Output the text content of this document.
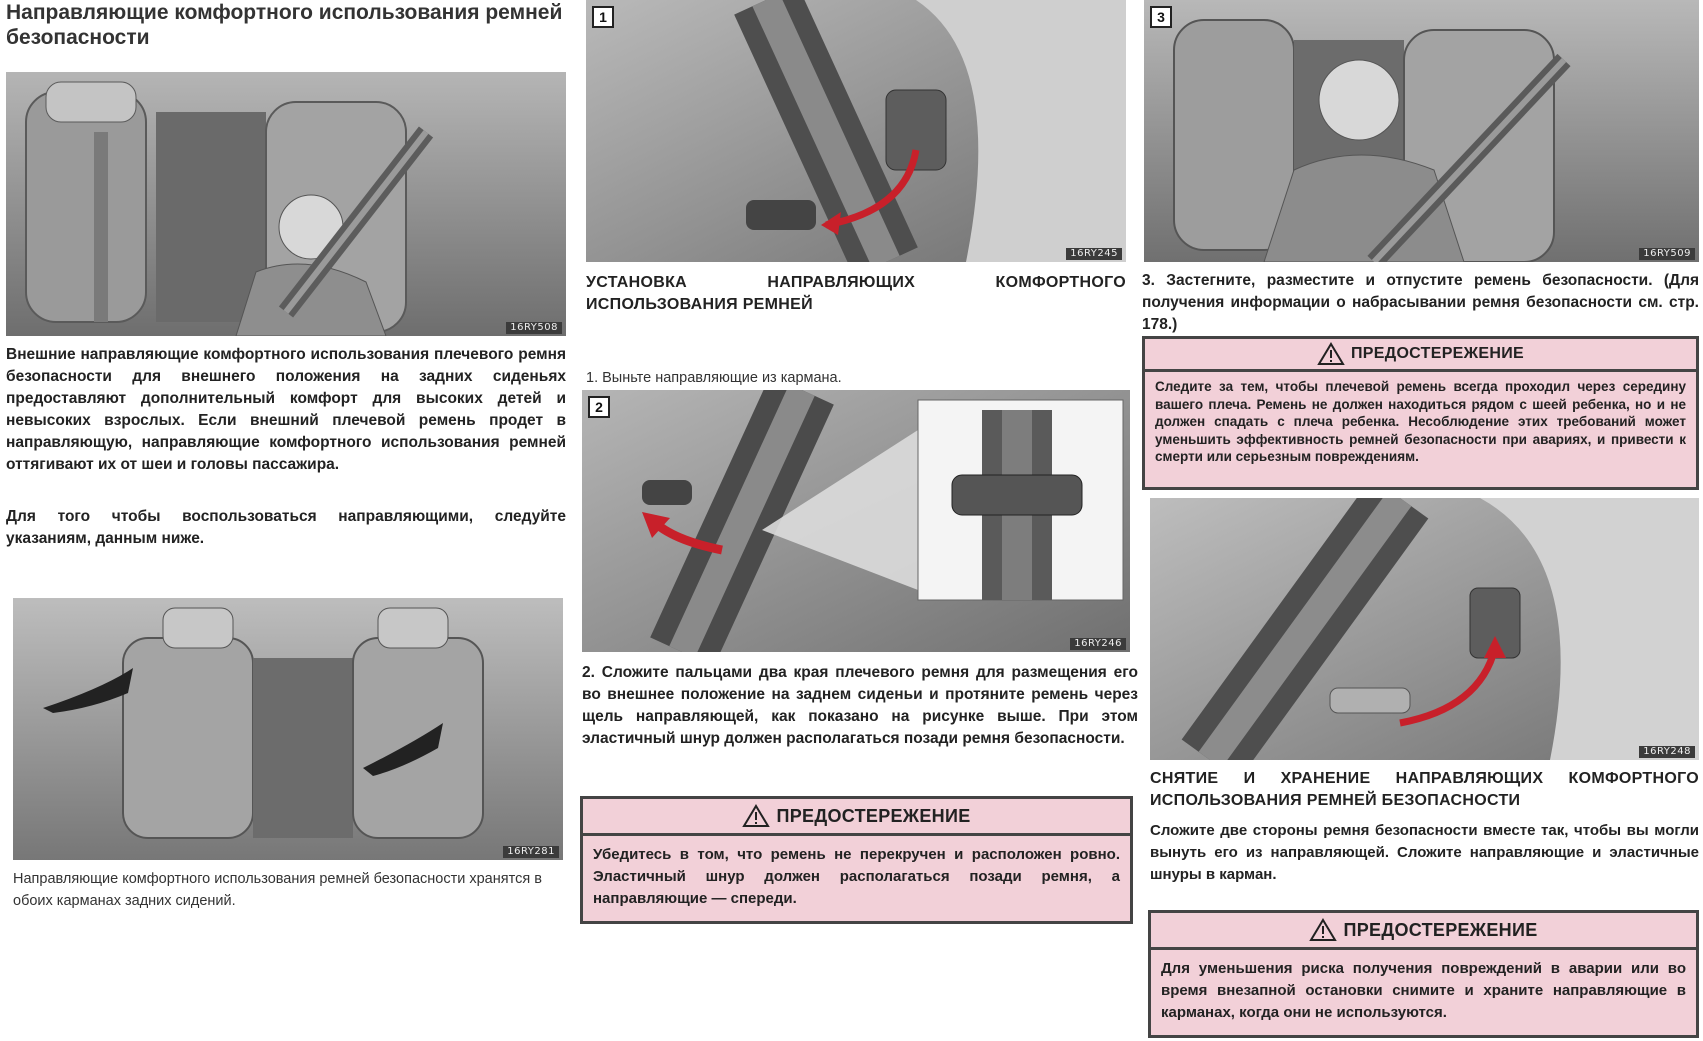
Направляющие комфортного использования ремней безопасности
16RY508
Внешние направляющие комфортного использования плечевого ремня безопасности для внешнего положения на задних сиденьях предоставляют дополнительный комфорт для высоких детей и невысоких взрослых. Если внешний плечевой ремень продет в направляющую, направляющие комфортного использования ремней оттягивают их от шеи и головы пассажира.
Для того чтобы воспользоваться направляющими, следуйте указаниям, данным ниже.
16RY281
Направляющие комфортного использования ремней безопасности хранятся в обоих карманах задних сидений.
1
16RY245
УСТАНОВКА НАПРАВЛЯЮЩИХ КОМФОРТНОГО ИСПОЛЬЗОВАНИЯ РЕМНЕЙ
1. Выньте направляющие из кармана.
2
16RY246
2. Сложите пальцами два края плечевого ремня для размещения его во внешнее положение на заднем сиденьи и протяните ремень через щель направляющей, как показано на рисунке выше. При этом эластичный шнур должен располагаться позади ремня безопасности.
ПРЕДОСТЕРЕЖЕНИЕ
Убедитесь в том, что ремень не перекручен и расположен ровно. Эластичный шнур должен располагаться позади ремня, а направляющие — спереди.
3
16RY509
3. Застегните, разместите и отпустите ремень безопасности. (Для получения информации о набрасывании ремня безопасности см. стр. 178.)
ПРЕДОСТЕРЕЖЕНИЕ
Следите за тем, чтобы плечевой ремень всегда проходил через середину вашего плеча. Ремень не должен находиться рядом с шеей ребенка, но и не должен спадать с плеча ребенка. Несоблюдение этих требований может уменьшить эффективность ремней безопасности при авариях, и привести к смерти или серьезным повреждениям.
16RY248
СНЯТИЕ И ХРАНЕНИЕ НАПРАВЛЯЮЩИХ КОМФОРТНОГО ИСПОЛЬЗОВАНИЯ РЕМНЕЙ БЕЗОПАСНОСТИ
Сложите две стороны ремня безопасности вместе так, чтобы вы могли вынуть его из направляющей. Сложите направляющие и эластичные шнуры в карман.
ПРЕДОСТЕРЕЖЕНИЕ
Для уменьшения риска получения повреждений в аварии или во время внезапной остановки снимите и храните направляющие в карманах, когда они не используются.
